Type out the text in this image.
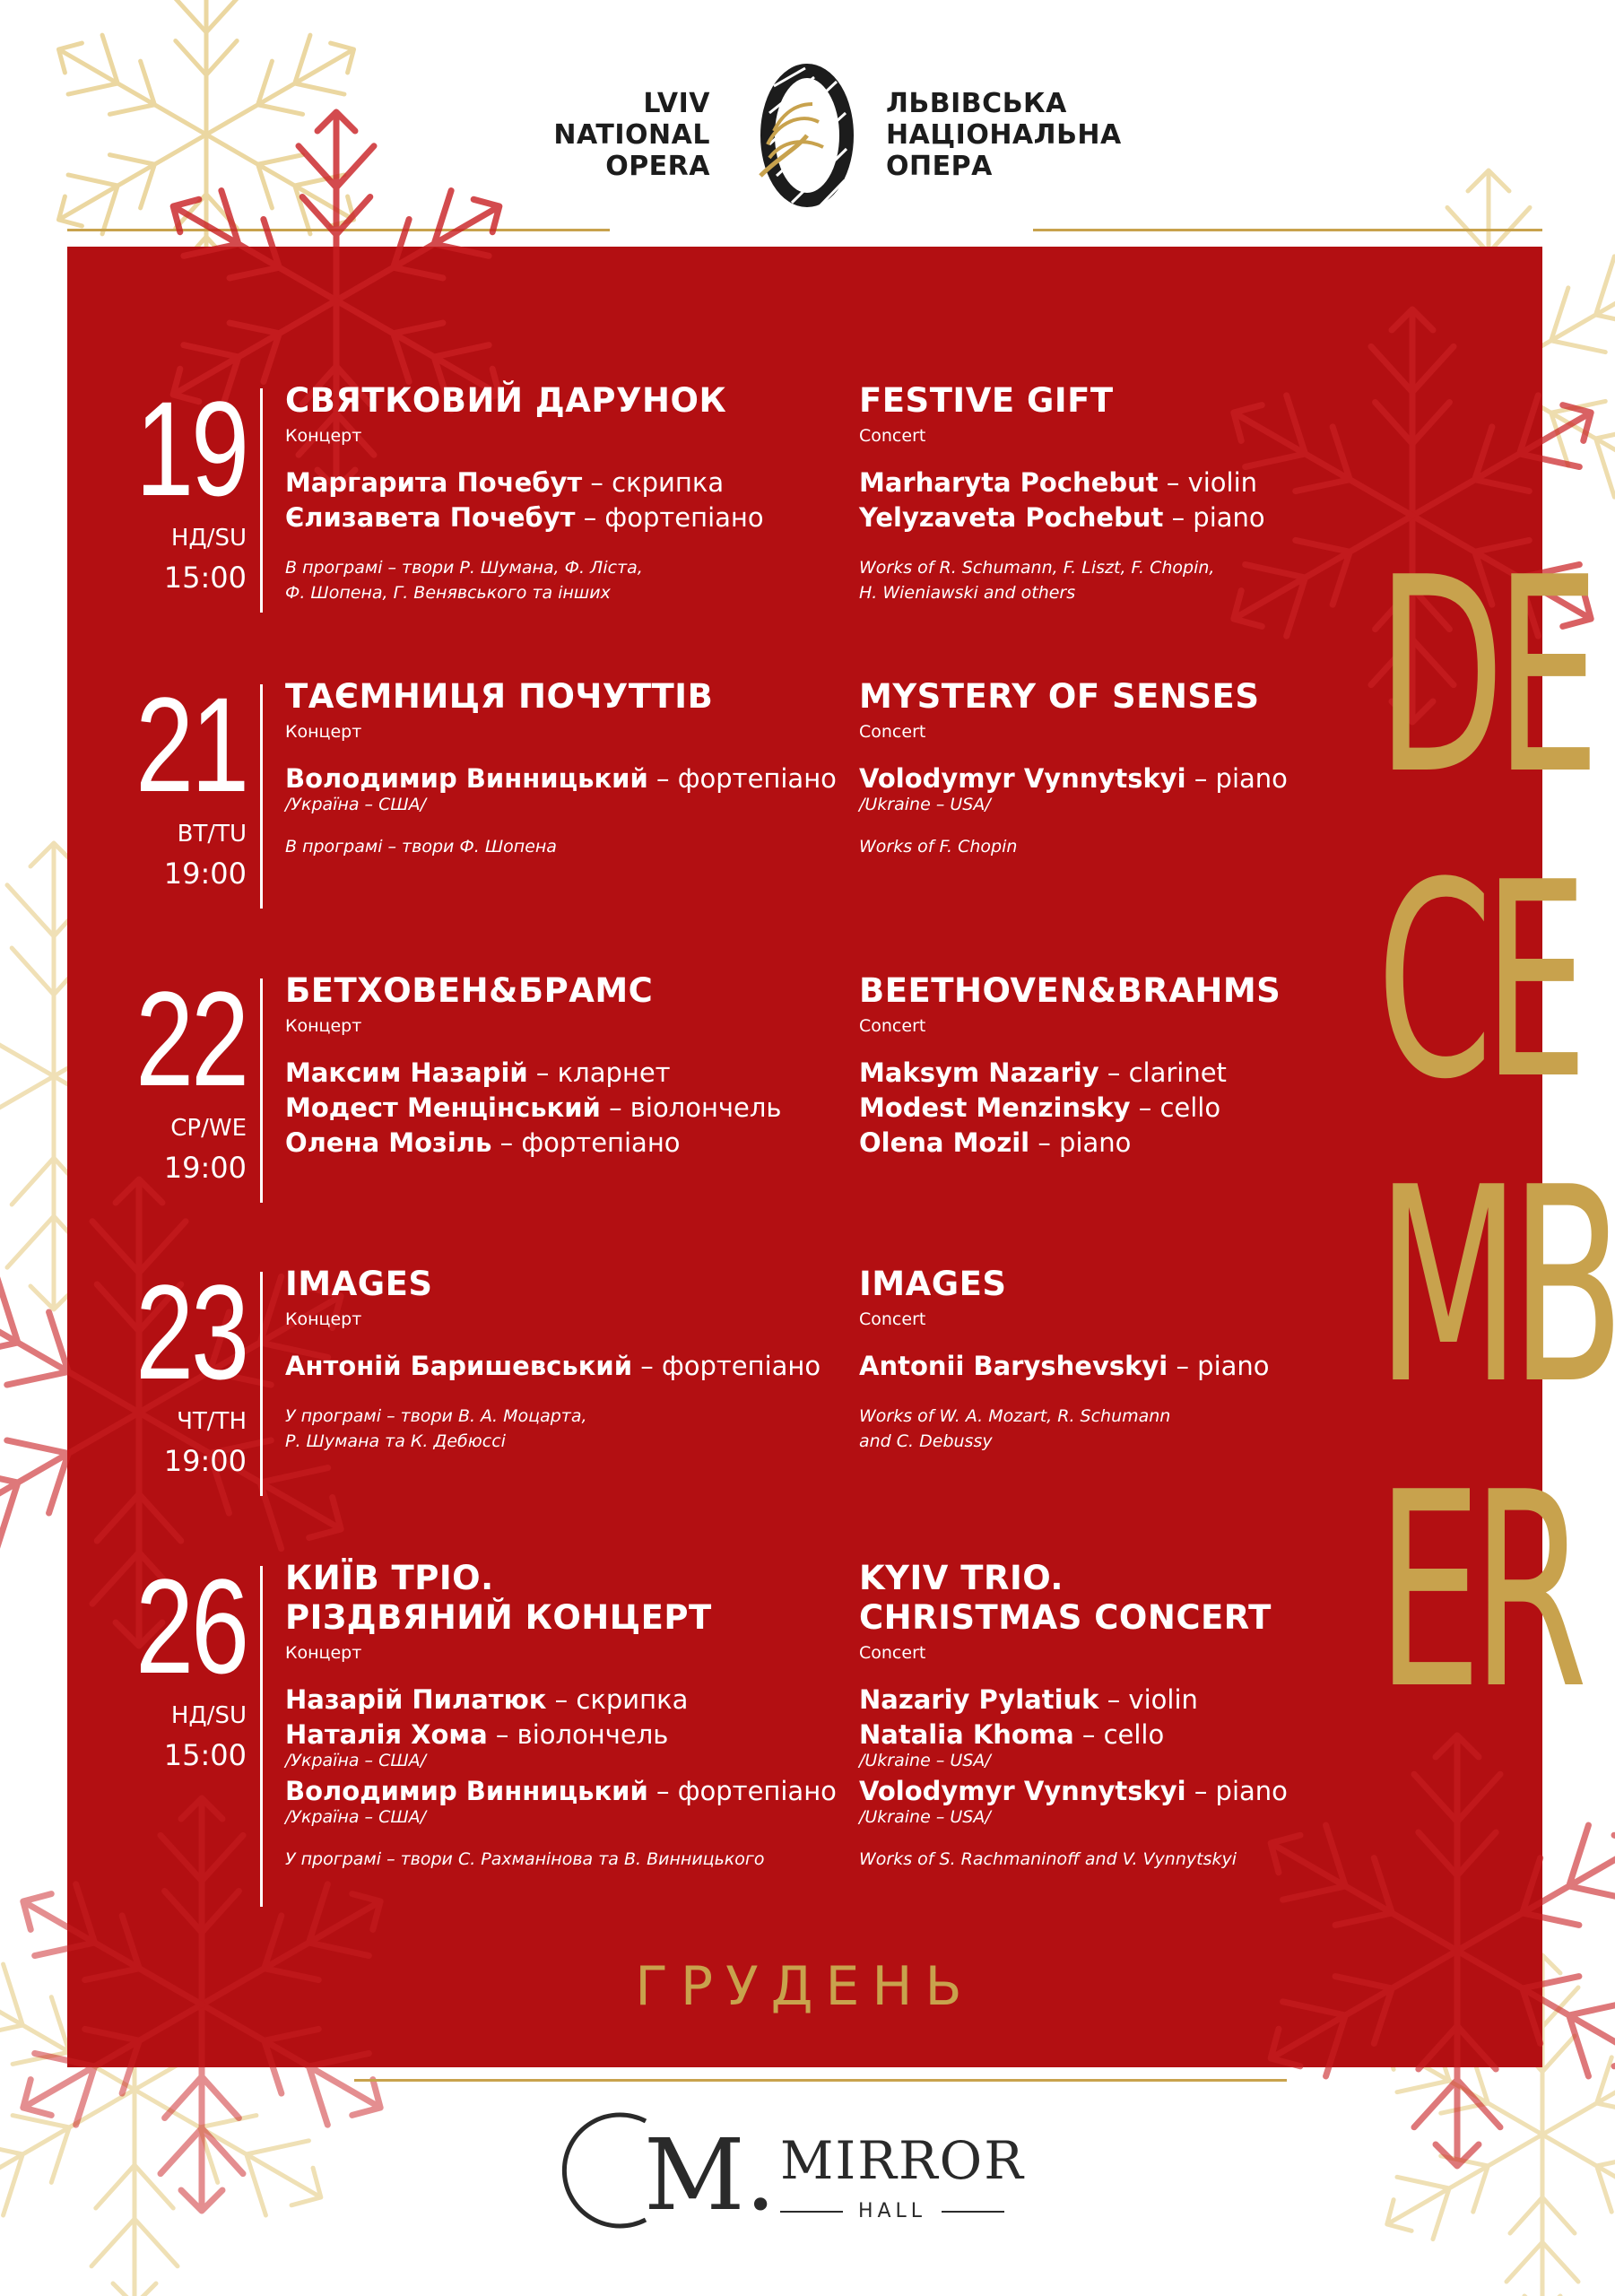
LVIV
NATIONAL
OPERA
ЛЬВІВСЬКА
НАЦІОНАЛЬНА
ОПЕРА
19
НД/SU
15:00
СВЯТКОВИЙ ДАРУНОК
Концерт
Маргарита Почебут – скрипка
Єлизавета Почебут – фортепіано
В програмі – твори Р. Шумана, Ф. Ліста,
Ф. Шопена, Г. Венявського та інших
FESTIVE GIFT
Concert
Marharyta Pochebut – violin
Yelyzaveta Pochebut – piano
Works of R. Schumann, F. Liszt, F. Chopin,
H. Wieniawski and others
21
ВТ/TU
19:00
ТАЄМНИЦЯ ПОЧУТТІВ
Концерт
Володимир Винницький – фортепіано
/Україна – США/
В програмі – твори Ф. Шопена
MYSTERY OF SENSES
Concert
Volodymyr Vynnytskyi – piano
/Ukraine – USA/
Works of F. Chopin
22
СР/WE
19:00
БЕТХОВЕН&БРАМС
Концерт
Максим Назарій – кларнет
Модест Менцінський – віолончель
Олена Мозіль – фортепіано
BEETHOVEN&BRAHMS
Concert
Maksym Nazariy – clarinet
Modest Menzinsky – cello
Olena Mozil – piano
23
ЧТ/TH
19:00
IMAGES
Концерт
Антоній Баришевський – фортепіано
У програмі – твори В. А. Моцарта,
Р. Шумана та К. Дебюссі
IMAGES
Concert
Antonii Baryshevskyi – piano
Works of W. A. Mozart, R. Schumann
and C. Debussy
26
НД/SU
15:00
КИЇВ ТРІО.
РІЗДВЯНИЙ КОНЦЕРТ
Концерт
Назарій Пилатюк – скрипка
Наталія Хома – віолончель
/Україна – США/
Володимир Винницький – фортепіано
/Україна – США/
У програмі – твори С. Рахманінова та В. Винницького
KYIV TRIO.
CHRISTMAS CONCERT
Concert
Nazariy Pylatiuk – violin
Natalia Khoma – cello
/Ukraine – USA/
Volodymyr Vynnytskyi – piano
/Ukraine – USA/
Works of S. Rachmaninoff and V. Vynnytskyi
DE
CE
MB
ER
ГРУДЕНЬ
M. MIRROR
HALL
